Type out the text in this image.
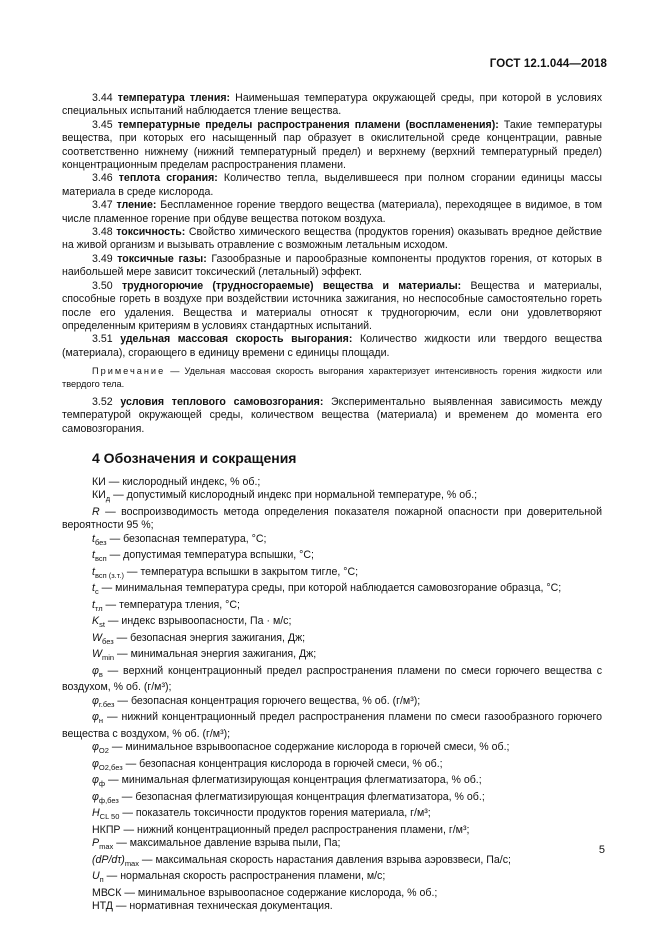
ГОСТ 12.1.044—2018

3.44 температура тления: Наименьшая температура окружающей среды, при которой в условиях специальных испытаний наблюдается тление вещества.

3.45 температурные пределы распространения пламени (воспламенения): Такие температуры вещества, при которых его насыщенный пар образует в окислительной среде концентрации, равные соответственно нижнему (нижний температурный предел) и верхнему (верхний температурный предел) концентрационным пределам распространения пламени.

3.46 теплота сгорания: Количество тепла, выделившееся при полном сгорании единицы массы материала в среде кислорода.

3.47 тление: Беспламенное горение твердого вещества (материала), переходящее в видимое, в том числе пламенное горение при обдуве вещества потоком воздуха.

3.48 токсичность: Свойство химического вещества (продуктов горения) оказывать вредное действие на живой организм и вызывать отравление с возможным летальным исходом.

3.49 токсичные газы: Газообразные и парообразные компоненты продуктов горения, от которых в наибольшей мере зависит токсический (летальный) эффект.

3.50 трудногорючие (трудносгораемые) вещества и материалы: Вещества и материалы, способные гореть в воздухе при воздействии источника зажигания, но неспособные самостоятельно гореть после его удаления. Вещества и материалы относят к трудногорючим, если они удовлетворяют определенным критериям в условиях стандартных испытаний.

3.51 удельная массовая скорость выгорания: Количество жидкости или твердого вещества (материала), сгорающего в единицу времени с единицы площади.

Примечание — Удельная массовая скорость выгорания характеризует интенсивность горения жидкости или твердого тела.

3.52 условия теплового самовозгорания: Экспериментально выявленная зависимость между температурой окружающей среды, количеством вещества (материала) и временем до момента его самовозгорания.

4 Обозначения и сокращения

КИ — кислородный индекс, % об.;

$КИ_д$ — допустимый кислородный индекс при нормальной температуре, % об.;

R — воспроизводимость метода определения показателя пожарной опасности при доверительной вероятности 95 %;

$t_{без}$ — безопасная температура, °С;

$t_{всп}$ — допустимая температура вспышки, °С;

$t_{всп (з.т.)}$ — температура вспышки в закрытом тигле, °С;

$t_с$ — минимальная температура среды, при которой наблюдается самовозгорание образца, °С;

$t_{тл}$ — температура тления, °С;

$K_{st}$ — индекс взрывоопасности, Па · м/с;

$W_{без}$ — безопасная энергия зажигания, Дж;

$W_{min}$ — минимальная энергия зажигания, Дж;

$\varphi_в$ — верхний концентрационный предел распространения пламени по смеси горючего вещества с воздухом, % об. (г/м³);

$\varphi_{г.без}$ — безопасная концентрация горючего вещества, % об. (г/м³);

$\varphi_н$ — нижний концентрационный предел распространения пламени по смеси газообразного горючего вещества с воздухом, % об. (г/м³);

$\varphi_{O2}$ — минимальное взрывоопасное содержание кислорода в горючей смеси, % об.;

$\varphi_{O2,без}$ — безопасная концентрация кислорода в горючей смеси, % об.;

$\varphi_ф$ — минимальная флегматизирующая концентрация флегматизатора, % об.;

$\varphi_{ф,без}$ — безопасная флегматизирующая концентрация флегматизатора, % об.;

$H_{CL 50}$ — показатель токсичности продуктов горения материала, г/м³;

НКПР — нижний концентрационный предел распространения пламени, г/м³;

$P_{max}$ — максимальное давление взрыва пыли, Па;

$(dP/d\tau)_{max}$ — максимальная скорость нарастания давления взрыва аэровзвеси, Па/с;

$U_п$ — нормальная скорость распространения пламени, м/с;

МВСК — минимальное взрывоопасное содержание кислорода, % об.;

НТД — нормативная техническая документация.

5
